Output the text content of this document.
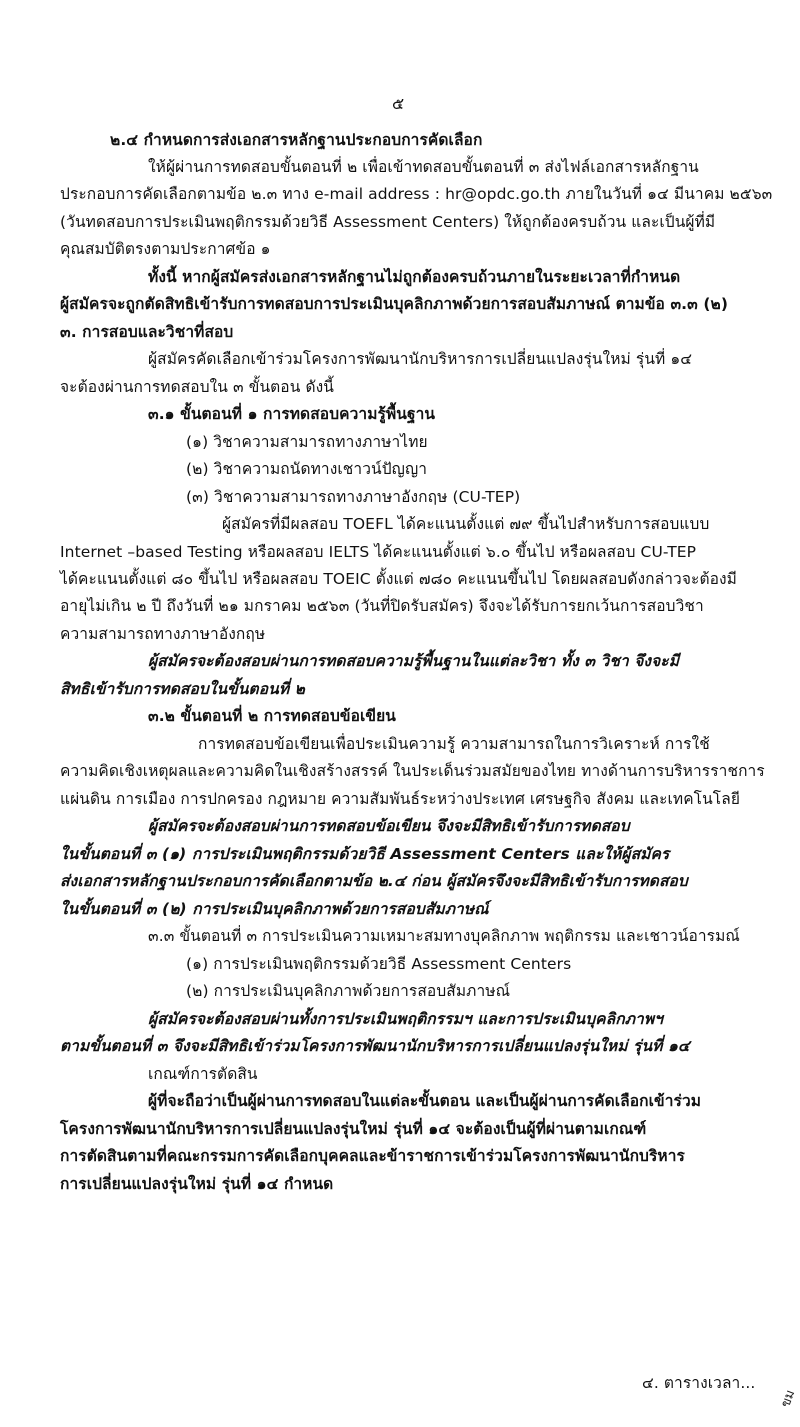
๕
๒.๔ กำหนดการส่งเอกสารหลักฐานประกอบการคัดเลือก
ให้ผู้ผ่านการทดสอบขั้นตอนที่ ๒ เพื่อเข้าทดสอบขั้นตอนที่ ๓ ส่งไฟล์เอกสารหลักฐาน
ประกอบการคัดเลือกตามข้อ ๒.๓ ทาง e-mail address : hr@opdc.go.th ภายในวันที่ ๑๔ มีนาคม ๒๕๖๓
(วันทดสอบการประเมินพฤติกรรมด้วยวิธี Assessment Centers) ให้ถูกต้องครบถ้วน และเป็นผู้ที่มี
คุณสมบัติตรงตามประกาศข้อ ๑
ทั้งนี้ หากผู้สมัครส่งเอกสารหลักฐานไม่ถูกต้องครบถ้วนภายในระยะเวลาที่กำหนด
ผู้สมัครจะถูกตัดสิทธิเข้ารับการทดสอบการประเมินบุคลิกภาพด้วยการสอบสัมภาษณ์ ตามข้อ ๓.๓ (๒)
๓. การสอบและวิชาที่สอบ
ผู้สมัครคัดเลือกเข้าร่วมโครงการพัฒนานักบริหารการเปลี่ยนแปลงรุ่นใหม่ รุ่นที่ ๑๔
จะต้องผ่านการทดสอบใน ๓ ขั้นตอน ดังนี้
๓.๑ ขั้นตอนที่ ๑ การทดสอบความรู้พื้นฐาน
(๑) วิชาความสามารถทางภาษาไทย
(๒) วิชาความถนัดทางเชาวน์ปัญญา
(๓) วิชาความสามารถทางภาษาอังกฤษ (CU-TEP)
ผู้สมัครที่มีผลสอบ TOEFL ได้คะแนนตั้งแต่ ๗๙ ขึ้นไปสำหรับการสอบแบบ
Internet –based Testing หรือผลสอบ IELTS ได้คะแนนตั้งแต่ ๖.๐ ขึ้นไป หรือผลสอบ CU-TEP
ได้คะแนนตั้งแต่ ๘๐ ขึ้นไป หรือผลสอบ TOEIC ตั้งแต่ ๗๘๐ คะแนนขึ้นไป โดยผลสอบดังกล่าวจะต้องมี
อายุไม่เกิน ๒ ปี ถึงวันที่ ๒๑ มกราคม ๒๕๖๓ (วันที่ปิดรับสมัคร) จึงจะได้รับการยกเว้นการสอบวิชา
ความสามารถทางภาษาอังกฤษ
ผู้สมัครจะต้องสอบผ่านการทดสอบความรู้พื้นฐานในแต่ละวิชา ทั้ง ๓ วิชา จึงจะมี
สิทธิเข้ารับการทดสอบในขั้นตอนที่ ๒
๓.๒ ขั้นตอนที่ ๒ การทดสอบข้อเขียน
การทดสอบข้อเขียนเพื่อประเมินความรู้ ความสามารถในการวิเคราะห์ การใช้
ความคิดเชิงเหตุผลและความคิดในเชิงสร้างสรรค์ ในประเด็นร่วมสมัยของไทย ทางด้านการบริหารราชการ
แผ่นดิน การเมือง การปกครอง กฎหมาย ความสัมพันธ์ระหว่างประเทศ เศรษฐกิจ สังคม และเทคโนโลยี
ผู้สมัครจะต้องสอบผ่านการทดสอบข้อเขียน จึงจะมีสิทธิเข้ารับการทดสอบ
ในขั้นตอนที่ ๓ (๑) การประเมินพฤติกรรมด้วยวิธี Assessment Centers และให้ผู้สมัคร
ส่งเอกสารหลักฐานประกอบการคัดเลือกตามข้อ ๒.๔ ก่อน ผู้สมัครจึงจะมีสิทธิเข้ารับการทดสอบ
ในขั้นตอนที่ ๓ (๒) การประเมินบุคลิกภาพด้วยการสอบสัมภาษณ์
๓.๓ ขั้นตอนที่ ๓ การประเมินความเหมาะสมทางบุคลิกภาพ พฤติกรรม และเชาวน์อารมณ์
(๑) การประเมินพฤติกรรมด้วยวิธี Assessment Centers
(๒) การประเมินบุคลิกภาพด้วยการสอบสัมภาษณ์
ผู้สมัครจะต้องสอบผ่านทั้งการประเมินพฤติกรรมฯ และการประเมินบุคลิกภาพฯ
ตามขั้นตอนที่ ๓ จึงจะมีสิทธิเข้าร่วมโครงการพัฒนานักบริหารการเปลี่ยนแปลงรุ่นใหม่ รุ่นที่ ๑๔
เกณฑ์การตัดสิน
ผู้ที่จะถือว่าเป็นผู้ผ่านการทดสอบในแต่ละขั้นตอน และเป็นผู้ผ่านการคัดเลือกเข้าร่วม
โครงการพัฒนานักบริหารการเปลี่ยนแปลงรุ่นใหม่ รุ่นที่ ๑๔ จะต้องเป็นผู้ที่ผ่านตามเกณฑ์
การตัดสินตามที่คณะกรรมการคัดเลือกบุคคลและข้าราชการเข้าร่วมโครงการพัฒนานักบริหาร
การเปลี่ยนแปลงรุ่นใหม่ รุ่นที่ ๑๔ กำหนด
๔. ตารางเวลา...
ขม
